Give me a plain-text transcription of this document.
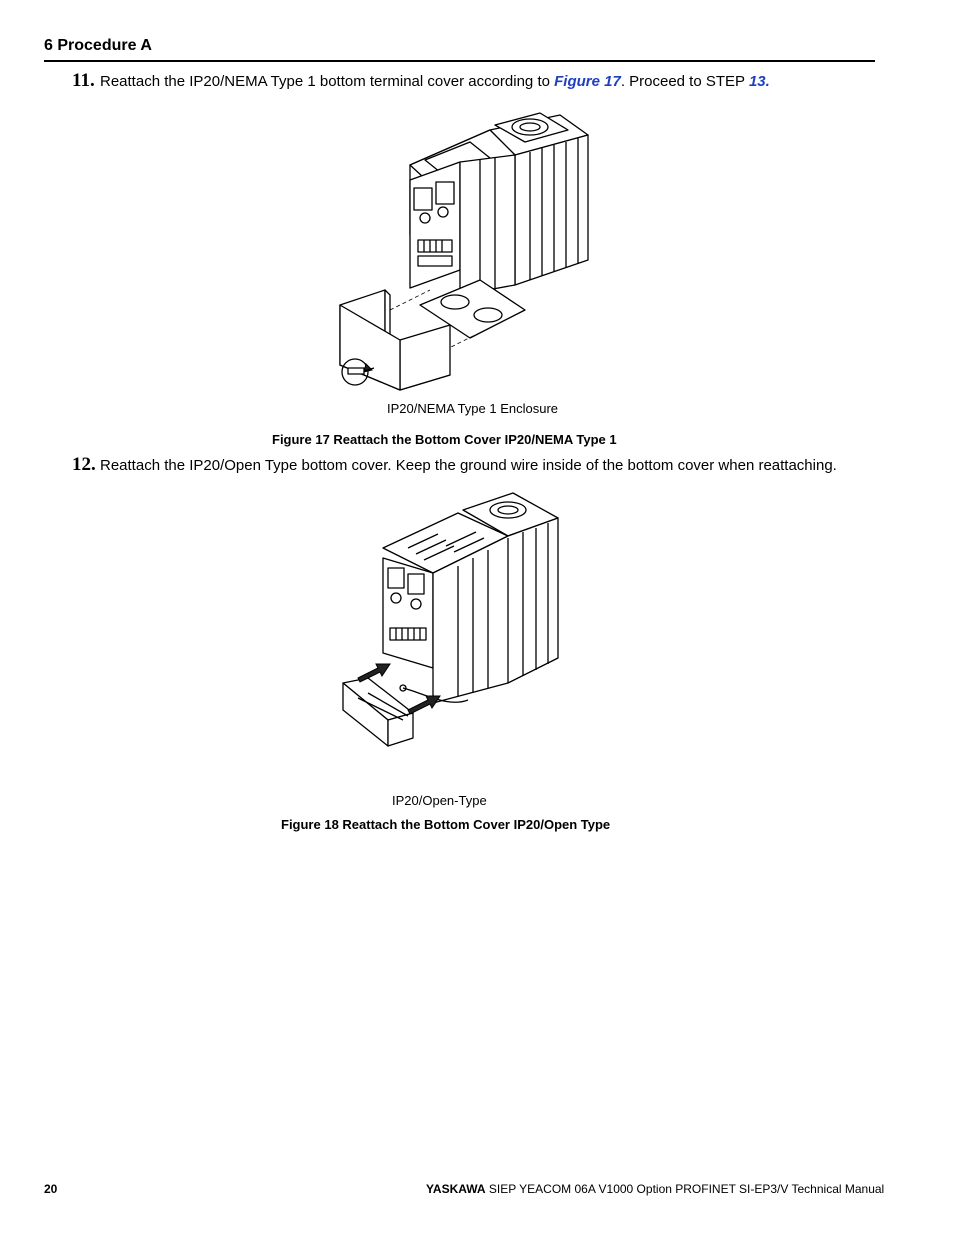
6 Procedure A
11. Reattach the IP20/NEMA Type 1 bottom terminal cover according to Figure 17. Proceed to STEP 13.
IP20/NEMA Type 1 Enclosure
Figure 17 Reattach the Bottom Cover IP20/NEMA Type 1
12. Reattach the IP20/Open Type bottom cover. Keep the ground wire inside of the bottom cover when reattaching.
IP20/Open-Type
Figure 18 Reattach the Bottom Cover IP20/Open Type
20	YASKAWA SIEP YEACOM 06A V1000 Option PROFINET SI-EP3/V Technical Manual
